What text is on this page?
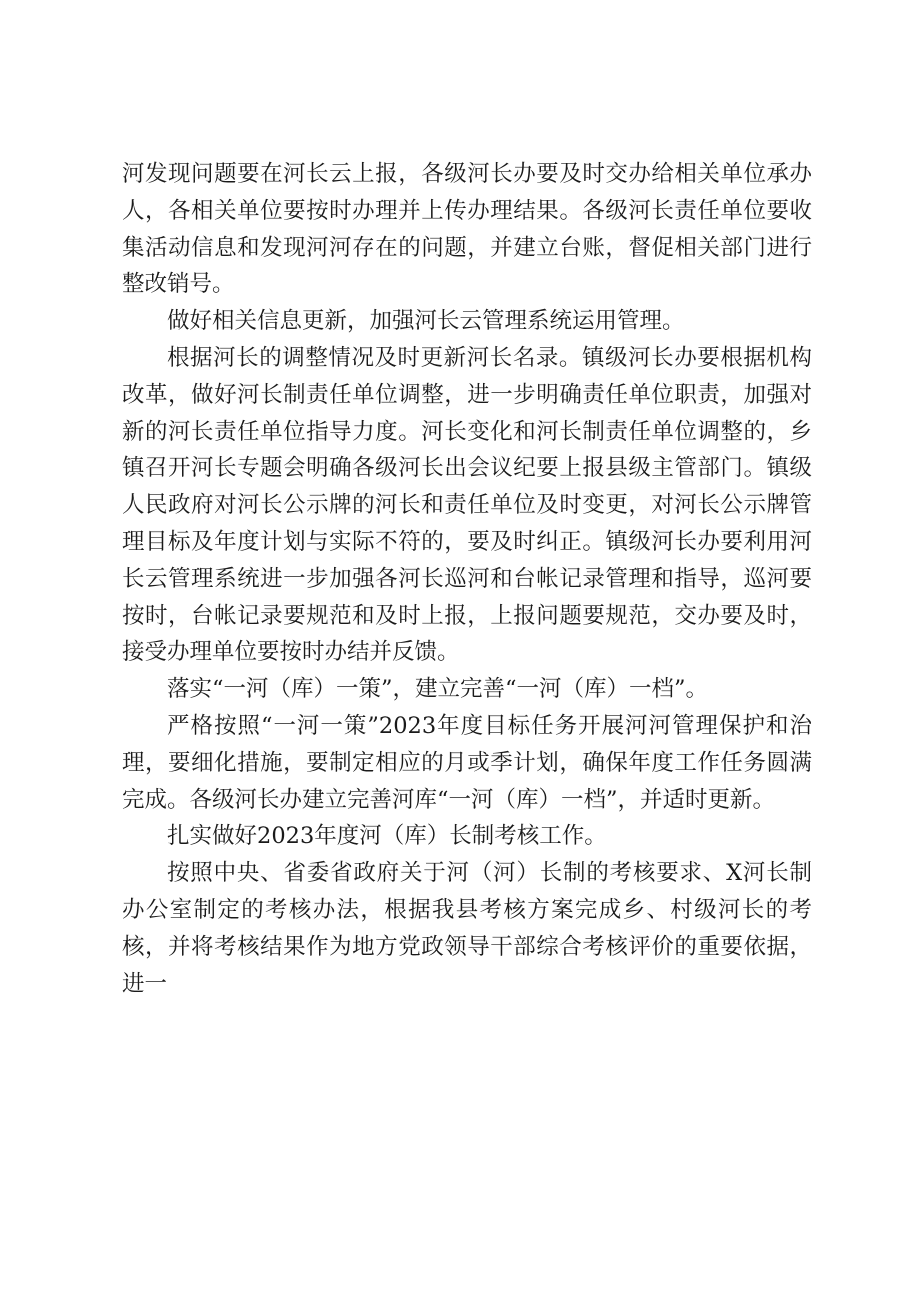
河发现问题要在河长云上报，各级河长办要及时交办给相关单位承办人，各相关单位要按时办理并上传办理结果。各级河长责任单位要收集活动信息和发现河河存在的问题，并建立台账，督促相关部门进行整改销号。

做好相关信息更新，加强河长云管理系统运用管理。

根据河长的调整情况及时更新河长名录。镇级河长办要根据机构改革，做好河长制责任单位调整，进一步明确责任单位职责，加强对新的河长责任单位指导力度。河长变化和河长制责任单位调整的，乡镇召开河长专题会明确各级河长出会议纪要上报县级主管部门。镇级人民政府对河长公示牌的河长和责任单位及时变更，对河长公示牌管理目标及年度计划与实际不符的，要及时纠正。镇级河长办要利用河长云管理系统进一步加强各河长巡河和台帐记录管理和指导，巡河要按时，台帐记录要规范和及时上报，上报问题要规范，交办要及时，接受办理单位要按时办结并反馈。

落实“一河（库）一策”，建立完善“一河（库）一档”。

严格按照“一河一策”2023年度目标任务开展河河管理保护和治理，要细化措施，要制定相应的月或季计划，确保年度工作任务圆满完成。各级河长办建立完善河库“一河（库）一档”，并适时更新。

扎实做好2023年度河（库）长制考核工作。

按照中央、省委省政府关于河（河）长制的考核要求、X河长制办公室制定的考核办法，根据我县考核方案完成乡、村级河长的考核，并将考核结果作为地方党政领导干部综合考核评价的重要依据，进一
